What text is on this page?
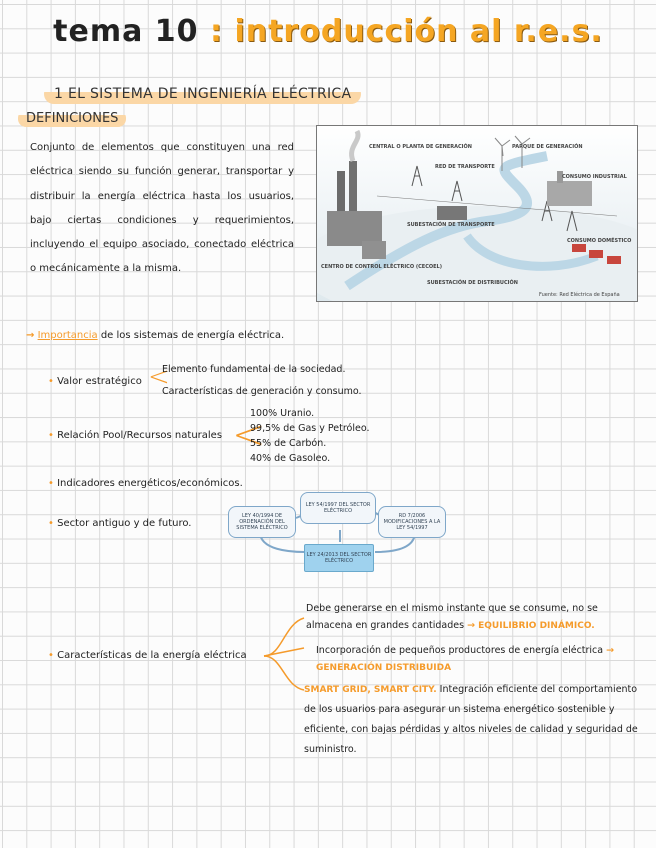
tema 10 : introducción al r.e.s.
1 EL SISTEMA DE INGENIERÍA ELÉCTRICA
DEFINICIONES
Conjunto de elementos que constituyen una red eléctrica siendo su función generar, transportar y distribuir la energía eléctrica hasta los usuarios, bajo ciertas condiciones y requerimientos, incluyendo el equipo asociado, conectado eléctrica o mecánicamente a la misma.
CENTRAL O PLANTA DE GENERACIÓN
RED DE TRANSPORTE
PARQUE DE GENERACIÓN
CONSUMO INDUSTRIAL
SUBESTACIÓN DE TRANSPORTE
CENTRO DE CONTROL ELÉCTRICO (CECOEL)
CONSUMO DOMÉSTICO
SUBESTACIÓN DE DISTRIBUCIÓN
Fuente: Red Eléctrica de España
→ Importancia de los sistemas de energía eléctrica.
• Valor estratégico <
Elemento fundamental de la sociedad.
Características de generación y consumo.
• Relación Pool/Recursos naturales <
100% Uranio.
99,5% de Gas y Petróleo.
55% de Carbón.
40% de Gasoleo.
• Indicadores energéticos/económicos.
• Sector antiguo y de futuro.
LEY 40/1994 DE ORDENACIÓN DEL SISTEMA ELÉCTRICO
LEY 54/1997 DEL SECTOR ELÉCTRICO
RD 7/2006 MODIFICACIONES A LA LEY 54/1997
LEY 24/2013 DEL SECTOR ELÉCTRICO
• Características de la energía eléctrica
Debe generarse en el mismo instante que se consume, no se almacena en grandes cantidades → EQUILIBRIO DINÁMICO.
Incorporación de pequeños productores de energía eléctrica → GENERACIÓN DISTRIBUIDA
SMART GRID, SMART CITY. Integración eficiente del comportamiento de los usuarios para asegurar un sistema energético sostenible y eficiente, con bajas pérdidas y altos niveles de calidad y seguridad de suministro.
